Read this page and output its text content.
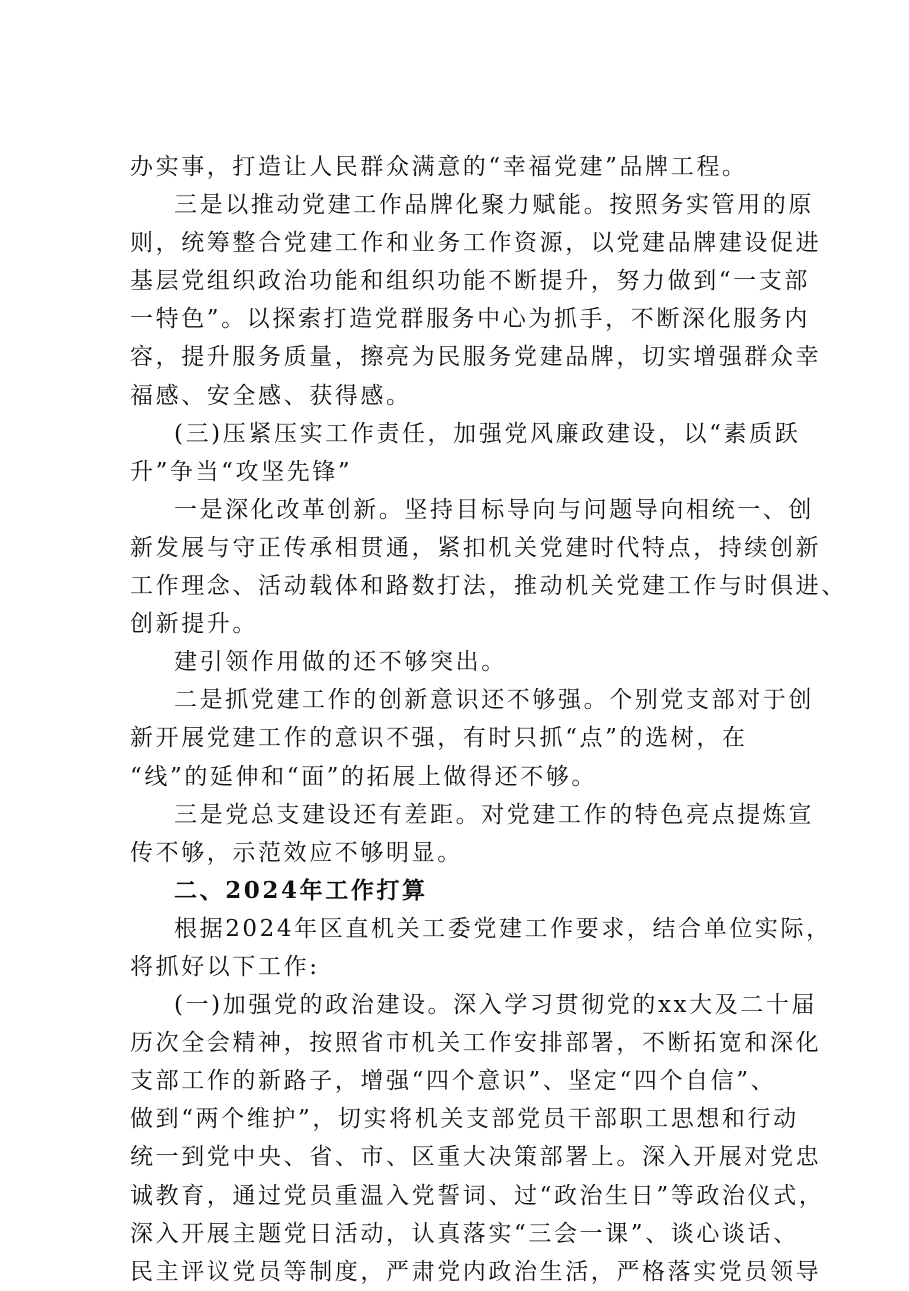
办实事，打造让人民群众满意的“幸福党建”品牌工程。
三是以推动党建工作品牌化聚力赋能。按照务实管用的原
则，统筹整合党建工作和业务工作资源，以党建品牌建设促进
基层党组织政治功能和组织功能不断提升，努力做到“一支部
一特色”。以探索打造党群服务中心为抓手，不断深化服务内
容，提升服务质量，擦亮为民服务党建品牌，切实增强群众幸
福感、安全感、获得感。
(三)压紧压实工作责任，加强党风廉政建设，以“素质跃
升”争当“攻坚先锋”
一是深化改革创新。坚持目标导向与问题导向相统一、创
新发展与守正传承相贯通，紧扣机关党建时代特点，持续创新
工作理念、活动载体和路数打法，推动机关党建工作与时俱进、
创新提升。
建引领作用做的还不够突出。
二是抓党建工作的创新意识还不够强。个别党支部对于创
新开展党建工作的意识不强，有时只抓“点”的选树，在
“线”的延伸和“面”的拓展上做得还不够。
三是党总支建设还有差距。对党建工作的特色亮点提炼宣
传不够，示范效应不够明显。
二、2024年工作打算
根据2024年区直机关工委党建工作要求，结合单位实际，
将抓好以下工作:
(一)加强党的政治建设。深入学习贯彻党的xx大及二十届
历次全会精神，按照省市机关工作安排部署，不断拓宽和深化
支部工作的新路子，增强“四个意识”、坚定“四个自信”、
做到“两个维护”，切实将机关支部党员干部职工思想和行动
统一到党中央、省、市、区重大决策部署上。深入开展对党忠
诚教育，通过党员重温入党誓词、过“政治生日”等政治仪式，
深入开展主题党日活动，认真落实“三会一课”、谈心谈话、
民主评议党员等制度，严肃党内政治生活，严格落实党员领导
